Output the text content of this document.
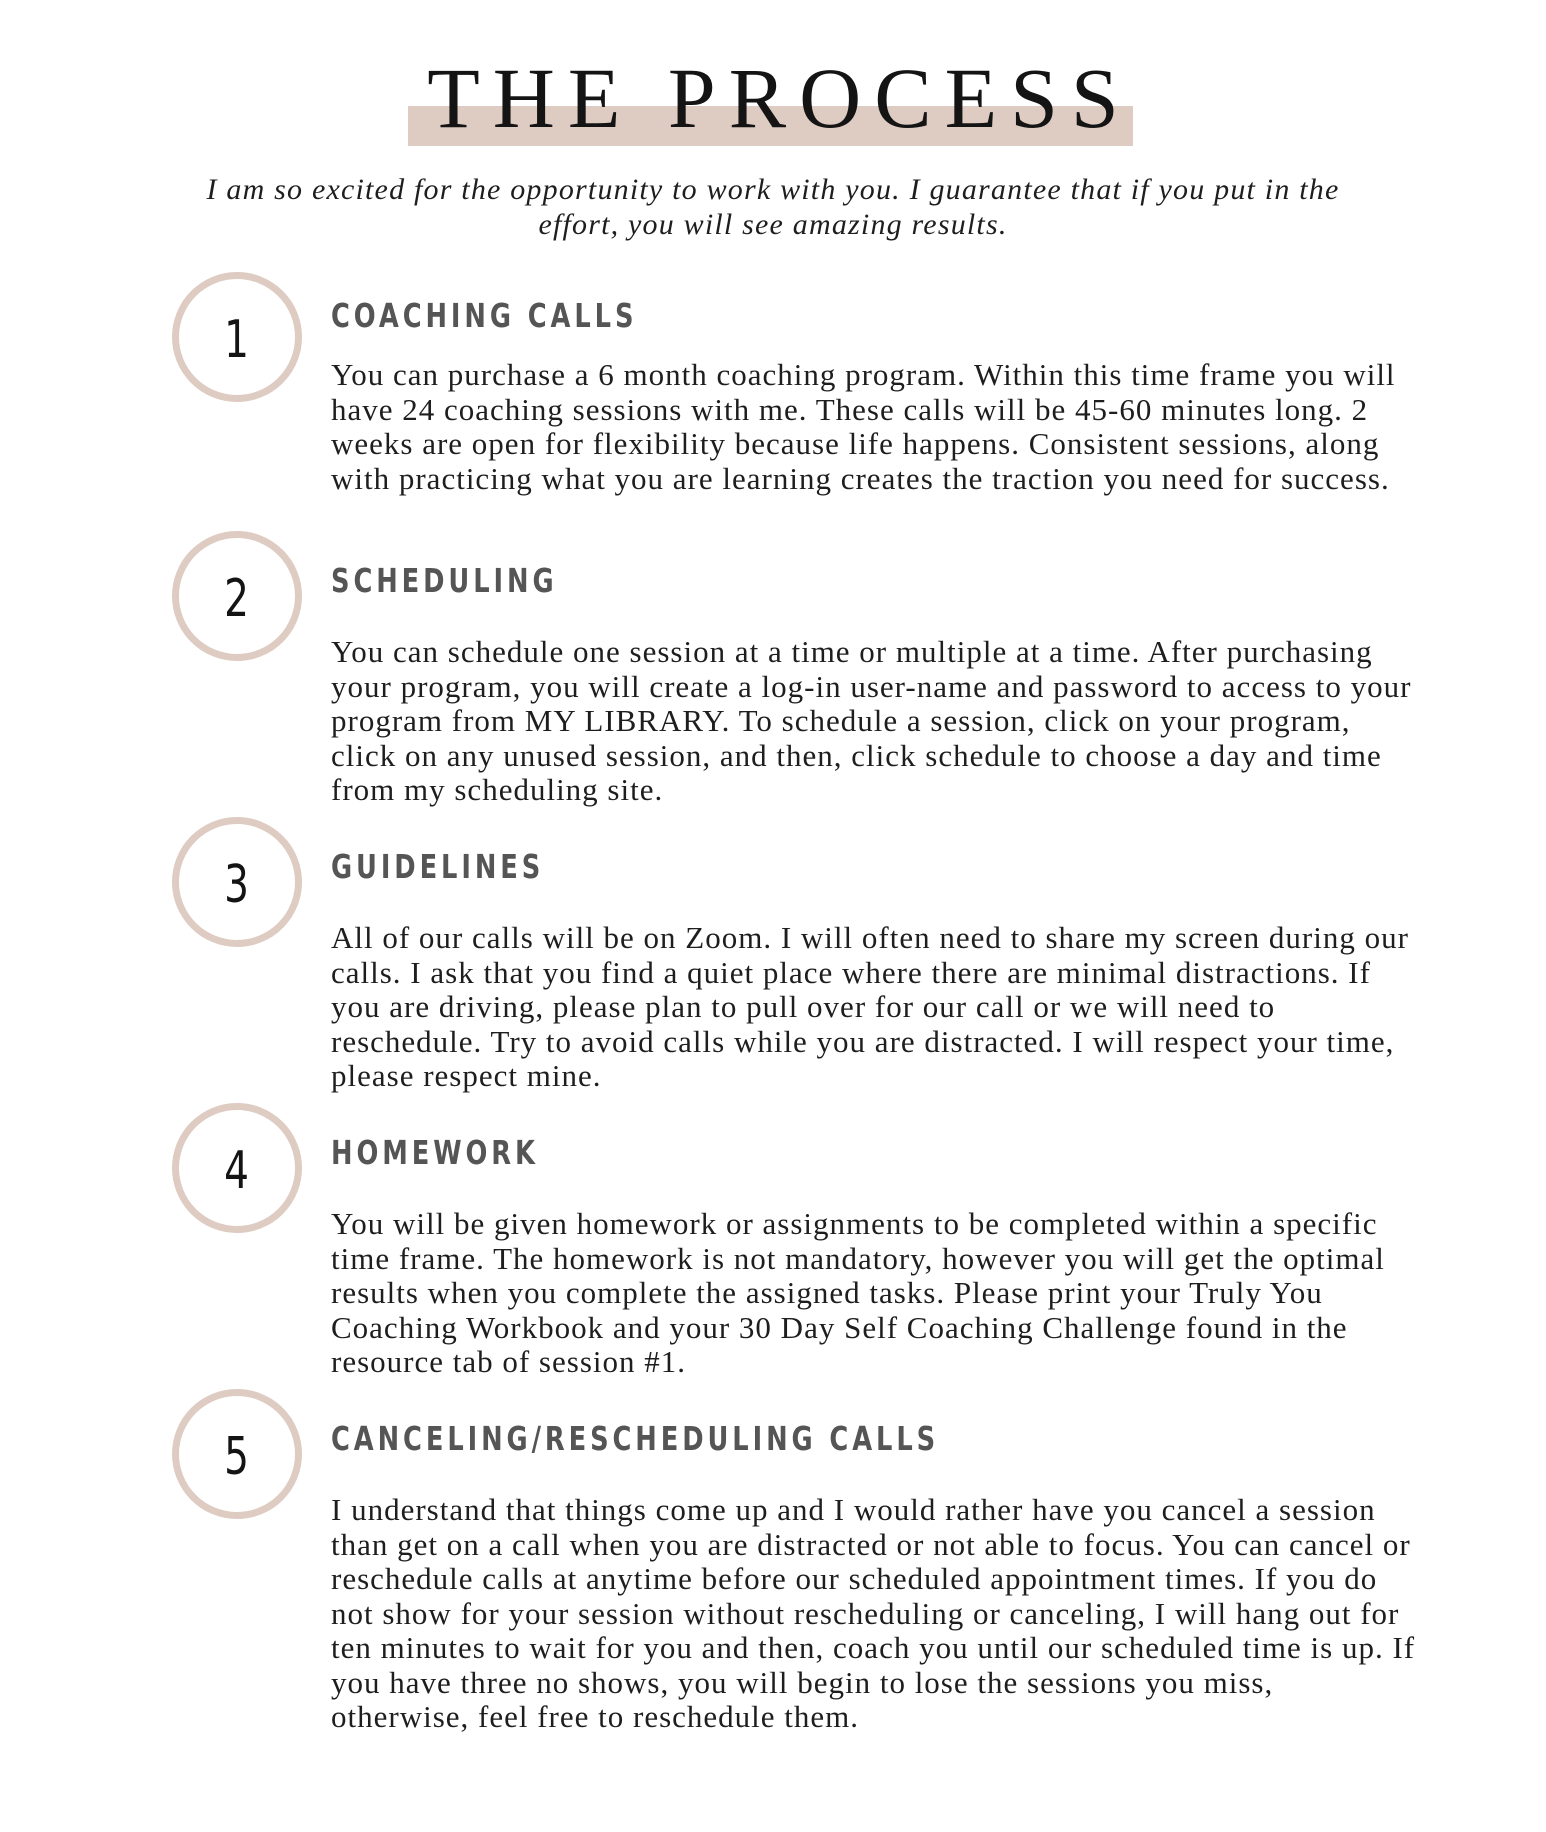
THE PROCESS
I am so excited for the opportunity to work with you. I guarantee that if you put in the effort, you will see amazing results.
1 COACHING CALLS
You can purchase a 6 month coaching program. Within this time frame you will have 24 coaching sessions with me. These calls will be 45-60 minutes long. 2 weeks are open for flexibility because life happens. Consistent sessions, along with practicing what you are learning creates the traction you need for success.
2 SCHEDULING
You can schedule one session at a time or multiple at a time. After purchasing your program, you will create a log-in user-name and password to access to your program from MY LIBRARY. To schedule a session, click on your program, click on any unused session, and then, click schedule to choose a day and time from my scheduling site.
3 GUIDELINES
All of our calls will be on Zoom. I will often need to share my screen during our calls. I ask that you find a quiet place where there are minimal distractions. If you are driving, please plan to pull over for our call or we will need to reschedule. Try to avoid calls while you are distracted. I will respect your time, please respect mine.
4 HOMEWORK
You will be given homework or assignments to be completed within a specific time frame. The homework is not mandatory, however you will get the optimal results when you complete the assigned tasks. Please print your Truly You Coaching Workbook and your 30 Day Self Coaching Challenge found in the resource tab of session #1.
5 CANCELING/RESCHEDULING CALLS
I understand that things come up and I would rather have you cancel a session than get on a call when you are distracted or not able to focus. You can cancel or reschedule calls at anytime before our scheduled appointment times. If you do not show for your session without rescheduling or canceling, I will hang out for ten minutes to wait for you and then, coach you until our scheduled time is up. If you have three no shows, you will begin to lose the sessions you miss, otherwise, feel free to reschedule them.
